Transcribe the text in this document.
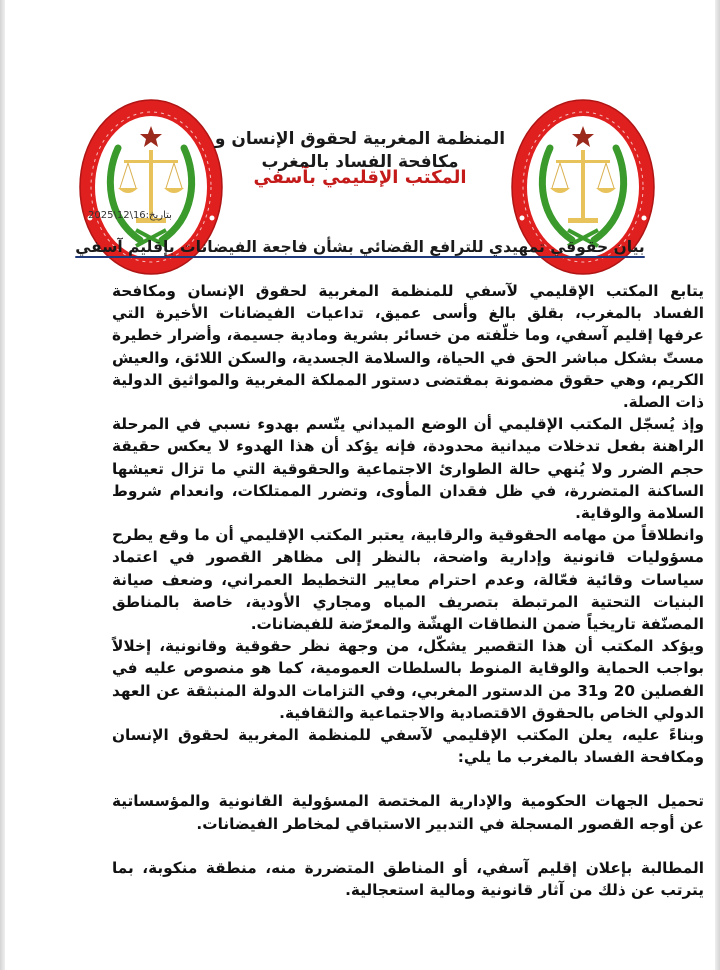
المنظمة المغربية لحقوق الإنسان و
مكافحة الفساد بالمغرب
المكتب الإقليمي بآسفي
بتاريخ:16\12\2025
بيان حقوقي تمهيدي للترافع القضائي بشأن فاجعة الفيضانات بإقليم آسفي

يتابع المكتب الإقليمي لآسفي للمنظمة المغربية لحقوق الإنسان ومكافحة الفساد بالمغرب، بقلق بالغ وأسى عميق، تداعيات الفيضانات الأخيرة التي عرفها إقليم آسفي، وما خلّفته من خسائر بشرية ومادية جسيمة، وأضرار خطيرة مستّ بشكل مباشر الحق في الحياة، والسلامة الجسدية، والسكن اللائق، والعيش الكريم، وهي حقوق مضمونة بمقتضى دستور المملكة المغربية والمواثيق الدولية ذات الصلة.

وإذ يُسجّل المكتب الإقليمي أن الوضع الميداني يتّسم بهدوء نسبي في المرحلة الراهنة بفعل تدخلات ميدانية محدودة، فإنه يؤكد أن هذا الهدوء لا يعكس حقيقة حجم الضرر ولا يُنهي حالة الطوارئ الاجتماعية والحقوقية التي ما تزال تعيشها الساكنة المتضررة، في ظل فقدان المأوى، وتضرر الممتلكات، وانعدام شروط السلامة والوقاية.

وانطلاقاً من مهامه الحقوقية والرقابية، يعتبر المكتب الإقليمي أن ما وقع يطرح مسؤوليات قانونية وإدارية واضحة، بالنظر إلى مظاهر القصور في اعتماد سياسات وقائية فعّالة، وعدم احترام معايير التخطيط العمراني، وضعف صيانة البنيات التحتية المرتبطة بتصريف المياه ومجاري الأودية، خاصة بالمناطق المصنّفة تاريخياً ضمن النطاقات الهشّة والمعرّضة للفيضانات.

ويؤكد المكتب أن هذا التقصير يشكّل، من وجهة نظر حقوقية وقانونية، إخلالاً بواجب الحماية والوقاية المنوط بالسلطات العمومية، كما هو منصوص عليه في الفصلين 20 و31 من الدستور المغربي، وفي التزامات الدولة المنبثقة عن العهد الدولي الخاص بالحقوق الاقتصادية والاجتماعية والثقافية.

وبناءً عليه، يعلن المكتب الإقليمي لآسفي للمنظمة المغربية لحقوق الإنسان ومكافحة الفساد بالمغرب ما يلي:

تحميل الجهات الحكومية والإدارية المختصة المسؤولية القانونية والمؤسساتية عن أوجه القصور المسجلة في التدبير الاستباقي لمخاطر الفيضانات.

المطالبة بإعلان إقليم آسفي، أو المناطق المتضررة منه، منطقة منكوبة، بما يترتب عن ذلك من آثار قانونية ومالية استعجالية.
